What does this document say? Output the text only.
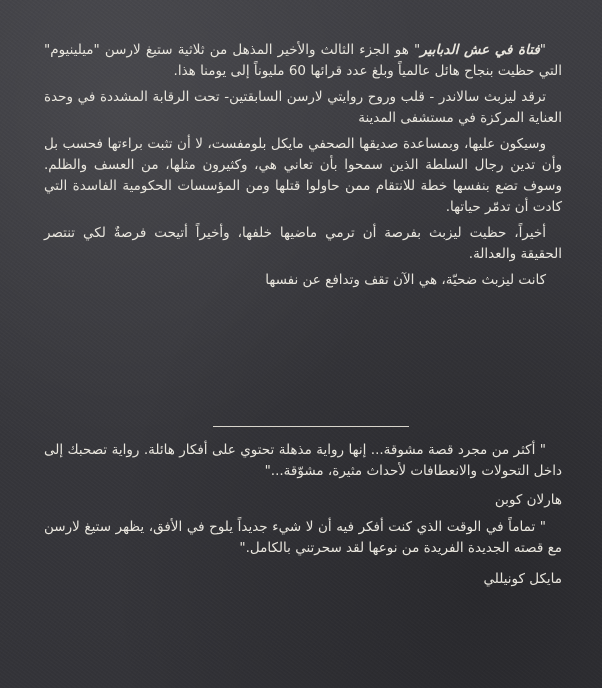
"فتاة في عش الدبابير" هو الجزء الثالث والأخير المذهل من ثلاثية ستيغ لارسن "ميلينيوم" التي حظيت بنجاح هائل عالمياً وبلغ عدد قرائها 60 مليوناً إلى يومنا هذا.

ترقد ليزبث سالاندر - قلب وروح روايتي لارسن السابقتين- تحت الرقابة المشددة في وحدة العناية المركزة في مستشفى المدينة

وسيكون عليها، وبمساعدة صديقها الصحفي مايكل بلومفست، لا أن تثبت براءتها فحسب بل وأن تدين رجال السلطة الذين سمحوا بأن تعاني هي، وكثيرون مثلها، من العسف والظلم. وسوف تضع بنفسها خطة للانتقام ممن حاولوا قتلها ومن المؤسسات الحكومية الفاسدة التي كادت أن تدمّر حياتها.

أخيراً، حظيت ليزبث بفرصة أن ترمي ماضيها خلفها، وأخيراً أتيحت فرصةٌ لكي تنتصر الحقيقة والعدالة.

كانت ليزبث ضحيّة، هي الآن تقف وتدافع عن نفسها

" أكثر من مجرد قصة مشوقة... إنها رواية مذهلة تحتوي على أفكار هائلة. رواية تصحبك إلى داخل التحولات والانعطافات لأحداث مثيرة، مشوّقة..."

هارلان كوبن

" تماماً في الوقت الذي كنت أفكر فيه أن لا شيء جديداً يلوح في الأفق، يظهر ستيغ لارسن مع قصته الجديدة الفريدة من نوعها لقد سحرتني بالكامل."

مايكل كونيللي
